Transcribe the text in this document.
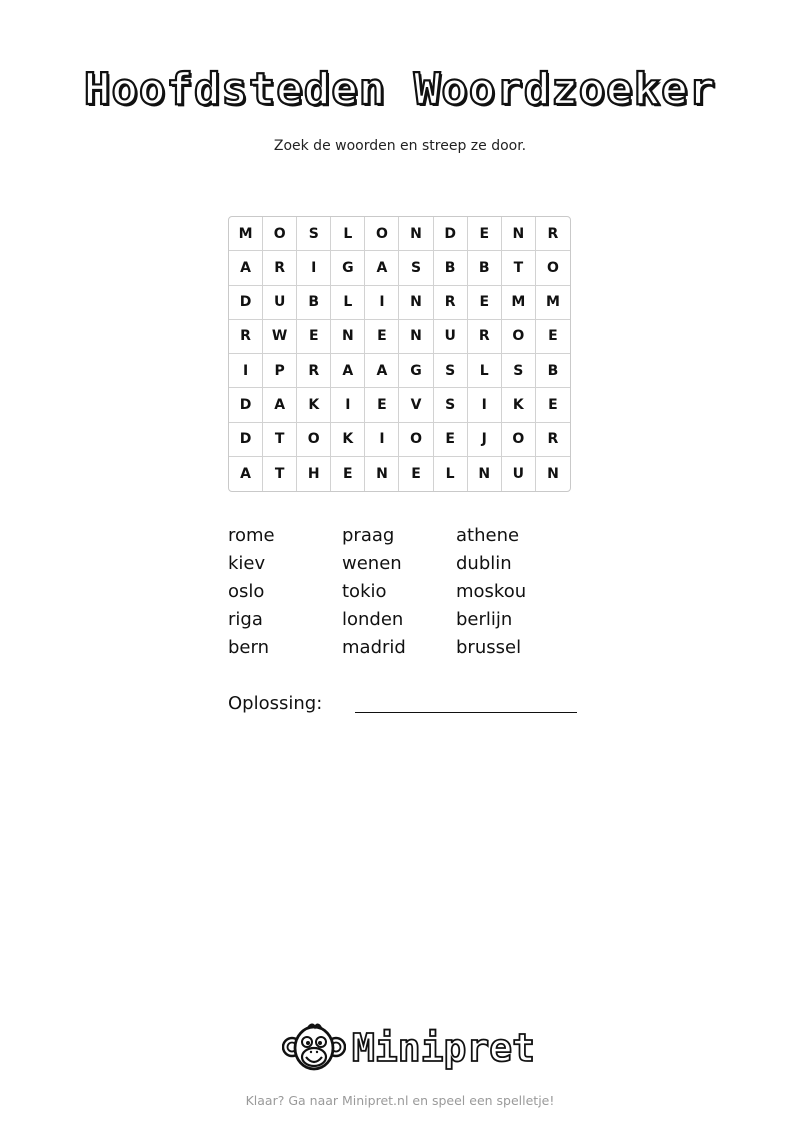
Hoofdsteden Woordzoeker
Zoek de woorden en streep ze door.
M	O	S	L	O	N	D	E	N	R
A	R	I	G	A	S	B	B	T	O
D	U	B	L	I	N	R	E	M	M
R	W	E	N	E	N	U	R	O	E
I	P	R	A	A	G	S	L	S	B
D	A	K	I	E	V	S	I	K	E
D	T	O	K	I	O	E	J	O	R
A	T	H	E	N	E	L	N	U	N
rome	praag	athene
kiev	wenen	dublin
oslo	tokio	moskou
riga	londen	berlijn
bern	madrid	brussel
Oplossing:
Minipret
Klaar? Ga naar Minipret.nl en speel een spelletje!
